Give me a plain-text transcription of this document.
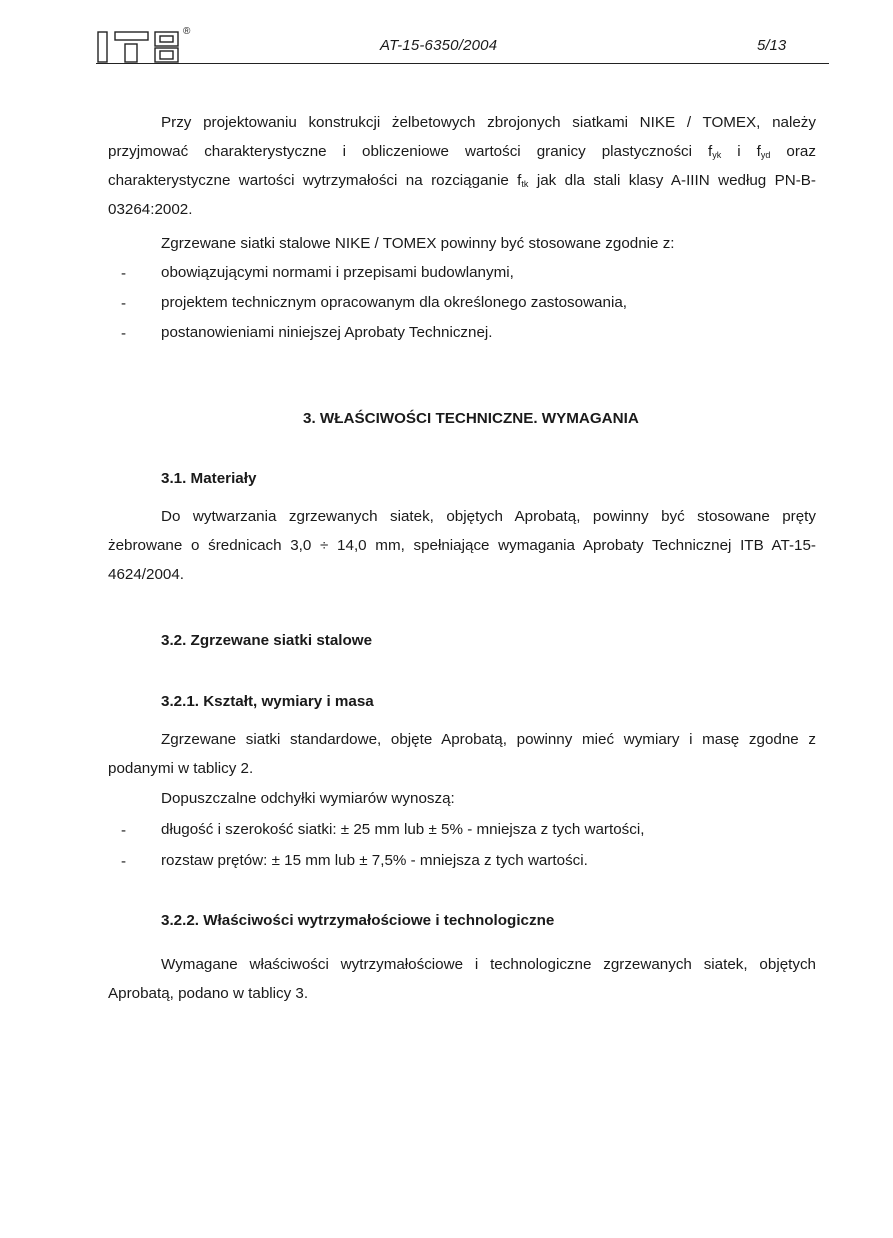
®
AT-15-6350/2004	5/13
Przy projektowaniu konstrukcji żelbetowych zbrojonych siatkami NIKE / TOMEX, należy przyjmować charakterystyczne i obliczeniowe wartości granicy plastyczności $f_{yk}$ i $f_{yd}$ oraz charakterystyczne wartości wytrzymałości na rozciąganie $f_{tk}$ jak dla stali klasy A-IIIN według PN-B-03264:2002.
Zgrzewane siatki stalowe NIKE / TOMEX powinny być stosowane zgodnie z:
- obowiązującymi normami i przepisami budowlanymi,
- projektem technicznym opracowanym dla określonego zastosowania,
- postanowieniami niniejszej Aprobaty Technicznej.
3. WŁAŚCIWOŚCI TECHNICZNE. WYMAGANIA
3.1. Materiały
Do wytwarzania zgrzewanych siatek, objętych Aprobatą, powinny być stosowane pręty żebrowane o średnicach 3,0 ÷ 14,0 mm, spełniające wymagania Aprobaty Technicznej ITB AT-15-4624/2004.
3.2. Zgrzewane siatki stalowe
3.2.1. Kształt, wymiary i masa
Zgrzewane siatki standardowe, objęte Aprobatą, powinny mieć wymiary i masę zgodne z podanymi w tablicy 2.
Dopuszczalne odchyłki wymiarów wynoszą:
- długość i szerokość siatki: ± 25 mm lub ± 5% - mniejsza z tych wartości,
- rozstaw prętów: ± 15 mm lub ± 7,5% - mniejsza z tych wartości.
3.2.2. Właściwości wytrzymałościowe i technologiczne
Wymagane właściwości wytrzymałościowe i technologiczne zgrzewanych siatek, objętych Aprobatą, podano w tablicy 3.
